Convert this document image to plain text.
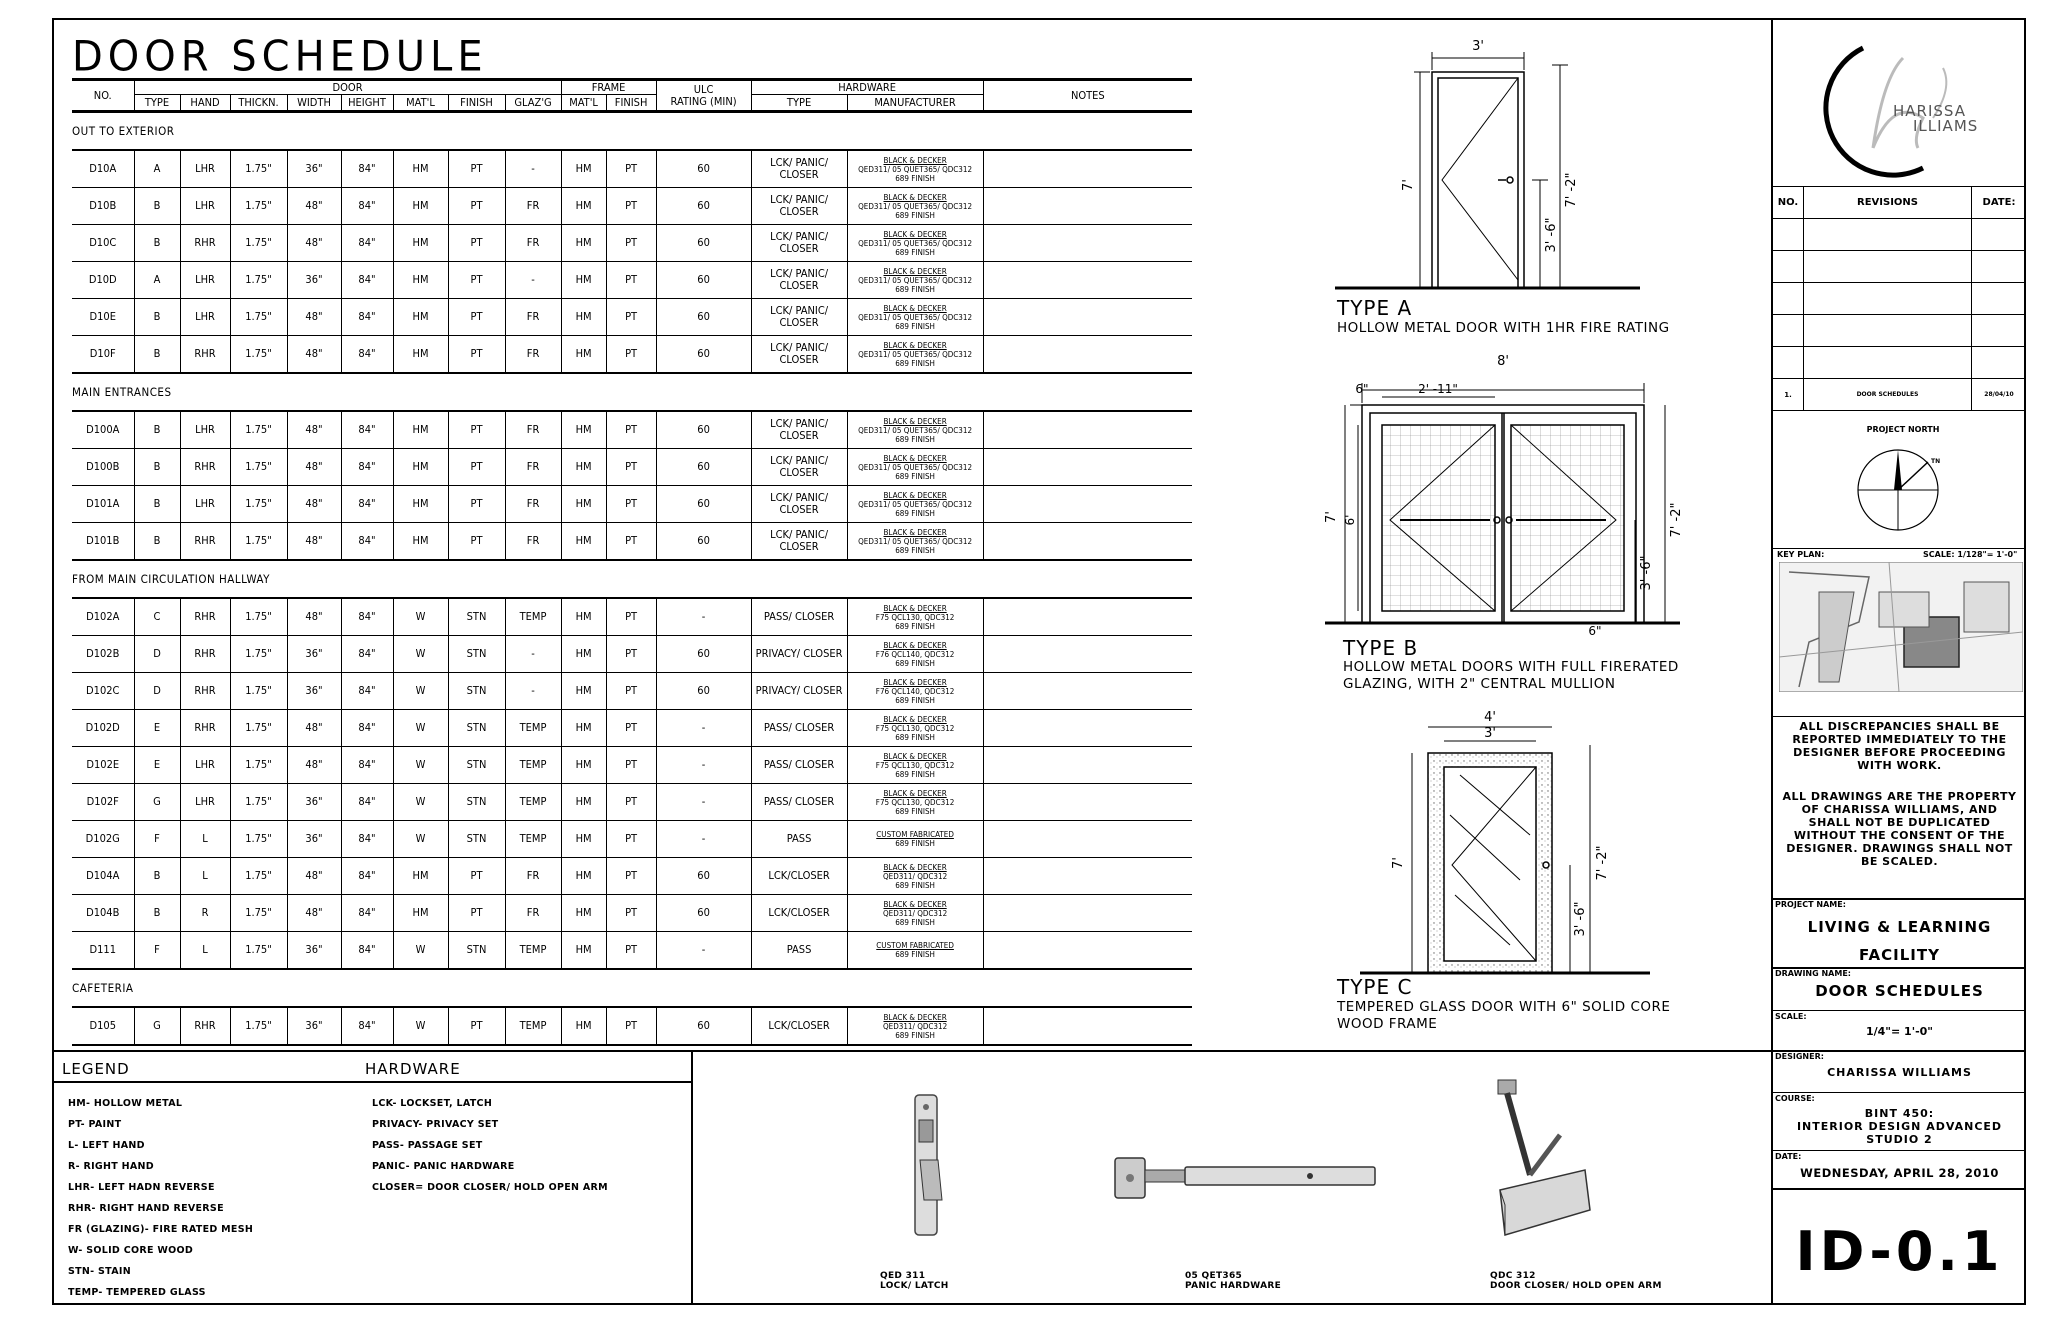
DOOR SCHEDULE
NO.	DOOR								FRAME		ULC
RATING (MIN)	HARDWARE		NOTES
	TYPE	HAND	THICKN.	WIDTH	HEIGHT	MAT'L	FINISH	GLAZ'G	MAT'L	FINISH		TYPE	MANUFACTURER	
OUT TO EXTERIOR														
D10A	A	LHR	1.75"	36"	84"	HM	PT	-	HM	PT	60	LCK/ PANIC/ CLOSER	BLACK & DECKER
QED311/ 05 QUET365/ QDC312
689 FINISH	

D10B	B	LHR	1.75"	48"	84"	HM	PT	FR	HM	PT	60	LCK/ PANIC/ CLOSER	BLACK & DECKER
QED311/ 05 QUET365/ QDC312
689 FINISH	

D10C	B	RHR	1.75"	48"	84"	HM	PT	FR	HM	PT	60	LCK/ PANIC/ CLOSER	BLACK & DECKER
QED311/ 05 QUET365/ QDC312
689 FINISH	

D10D	A	LHR	1.75"	36"	84"	HM	PT	-	HM	PT	60	LCK/ PANIC/ CLOSER	BLACK & DECKER
QED311/ 05 QUET365/ QDC312
689 FINISH	

D10E	B	LHR	1.75"	48"	84"	HM	PT	FR	HM	PT	60	LCK/ PANIC/ CLOSER	BLACK & DECKER
QED311/ 05 QUET365/ QDC312
689 FINISH	

D10F	B	RHR	1.75"	48"	84"	HM	PT	FR	HM	PT	60	LCK/ PANIC/ CLOSER	BLACK & DECKER
QED311/ 05 QUET365/ QDC312
689 FINISH	

MAIN ENTRANCES														
D100A	B	LHR	1.75"	48"	84"	HM	PT	FR	HM	PT	60	LCK/ PANIC/ CLOSER	BLACK & DECKER
QED311/ 05 QUET365/ QDC312
689 FINISH	

D100B	B	RHR	1.75"	48"	84"	HM	PT	FR	HM	PT	60	LCK/ PANIC/ CLOSER	BLACK & DECKER
QED311/ 05 QUET365/ QDC312
689 FINISH	

D101A	B	LHR	1.75"	48"	84"	HM	PT	FR	HM	PT	60	LCK/ PANIC/ CLOSER	BLACK & DECKER
QED311/ 05 QUET365/ QDC312
689 FINISH	

D101B	B	RHR	1.75"	48"	84"	HM	PT	FR	HM	PT	60	LCK/ PANIC/ CLOSER	BLACK & DECKER
QED311/ 05 QUET365/ QDC312
689 FINISH	

FROM MAIN CIRCULATION HALLWAY														
D102A	C	RHR	1.75"	48"	84"	W	STN	TEMP	HM	PT	-	PASS/ CLOSER	BLACK & DECKER
F75 QCL130, QDC312
689 FINISH	

D102B	D	RHR	1.75"	36"	84"	W	STN	-	HM	PT	60	PRIVACY/ CLOSER	BLACK & DECKER
F76 QCL140, QDC312
689 FINISH	

D102C	D	RHR	1.75"	36"	84"	W	STN	-	HM	PT	60	PRIVACY/ CLOSER	BLACK & DECKER
F76 QCL140, QDC312
689 FINISH	

D102D	E	RHR	1.75"	48"	84"	W	STN	TEMP	HM	PT	-	PASS/ CLOSER	BLACK & DECKER
F75 QCL130, QDC312
689 FINISH	

D102E	E	LHR	1.75"	48"	84"	W	STN	TEMP	HM	PT	-	PASS/ CLOSER	BLACK & DECKER
F75 QCL130, QDC312
689 FINISH	

D102F	G	LHR	1.75"	36"	84"	W	STN	TEMP	HM	PT	-	PASS/ CLOSER	BLACK & DECKER
F75 QCL130, QDC312
689 FINISH	

D102G	F	L	1.75"	36"	84"	W	STN	TEMP	HM	PT	-	PASS	CUSTOM FABRICATED
689 FINISH	

D104A	B	L	1.75"	48"	84"	HM	PT	FR	HM	PT	60	LCK/CLOSER	BLACK & DECKER
QED311/ QDC312
689 FINISH	

D104B	B	R	1.75"	48"	84"	HM	PT	FR	HM	PT	60	LCK/CLOSER	BLACK & DECKER
QED311/ QDC312
689 FINISH	

D111	F	L	1.75"	36"	84"	W	STN	TEMP	HM	PT	-	PASS	CUSTOM FABRICATED
689 FINISH	

CAFETERIA														
D105	G	RHR	1.75"	36"	84"	W	PT	TEMP	HM	PT	60	LCK/CLOSER	BLACK & DECKER
QED311/ QDC312
689 FINISH	

3'
7'	7' -2"
3' -6"
TYPE A
HOLLOW METAL DOOR WITH 1HR FIRE RATING
8'
6"	2' -11"
7' 6'	7' -2"
3' -6"
6"
TYPE B
HOLLOW METAL DOORS WITH FULL FIRERATED GLAZING, WITH 2" CENTRAL MULLION
4'
3'
7'	7' -2"
3' -6"
TYPE C
TEMPERED GLASS DOOR WITH 6" SOLID CORE WOOD FRAME
LEGEND	HARDWARE
HM- HOLLOW METAL
PT- PAINT
L- LEFT HAND
R- RIGHT HAND
LHR- LEFT HADN REVERSE
RHR- RIGHT HAND REVERSE
FR (GLAZING)- FIRE RATED MESH
W- SOLID CORE WOOD
STN- STAIN
TEMP- TEMPERED GLASS
LCK- LOCKSET, LATCH
PRIVACY- PRIVACY SET
PASS- PASSAGE SET
PANIC- PANIC HARDWARE
CLOSER= DOOR CLOSER/ HOLD OPEN ARM
QED 311
LOCK/ LATCH
05 QET365
PANIC HARDWARE
QDC 312
DOOR CLOSER/ HOLD OPEN ARM
HARISSA
ILLIAMS
NO.	REVISIONS	DATE:

1.	DOOR SCHEDULES	28/04/10
PROJECT NORTH
TN
KEY PLAN:	SCALE: 1/128"= 1'-0"
ALL DISCREPANCIES SHALL BE REPORTED IMMEDIATELY TO THE DESIGNER BEFORE PROCEEDING WITH WORK.
ALL DRAWINGS ARE THE PROPERTY OF CHARISSA WILLIAMS, AND SHALL NOT BE DUPLICATED WITHOUT THE CONSENT OF THE DESIGNER. DRAWINGS SHALL NOT BE SCALED.
PROJECT NAME:
LIVING & LEARNING FACILITY
DRAWING NAME:
DOOR SCHEDULES
SCALE:
1/4"= 1'-0"
DESIGNER:
CHARISSA WILLIAMS
COURSE:
BINT 450:
INTERIOR DESIGN ADVANCED
STUDIO 2
DATE:
WEDNESDAY, APRIL 28, 2010
ID-0.1
